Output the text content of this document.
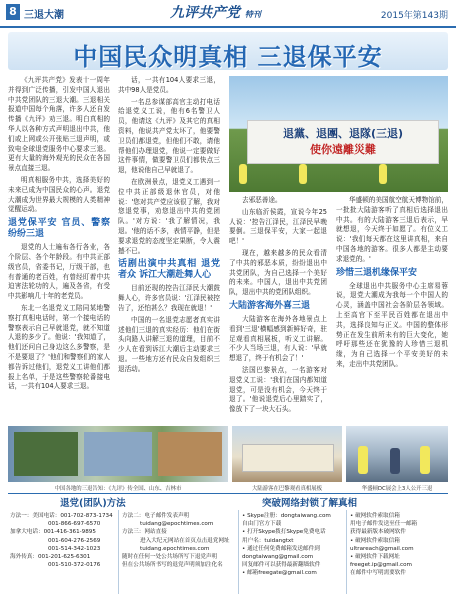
8 三退大潮	九评共产党 特刊	2015年第143期
中国民众明真相 三退保平安

《九评共产党》发表十一周年并得到广泛传播，引发中国人退出中共党团队的三退大潮。三退相关报道中国每个角落，许多人还自发传播《九评》劝三退。明白真相的华人以各种方式声明退出中共，他们或上网或公开张贴三退声明，或致电全球退党服务中心要求三退。更有大量的海外观光的民众在各国景点直接三退。

明真相服务中共，选择美好的未来已成为中国民众的心声。退党大潮成为世界最大规模的人类精神觉醒运动。

退党保平安 官员、警察纷纷三退

退党的人士遍布各行各业，各个阶层、各个年龄段。有中共正部级官员，省委书记，厅级干部，也有普通的老百姓，有曾经盯着中共迫害法轮功的人，遍及各省，有受中共影响几十年的老党员。

东北一名退党义工陪同某地警察打真相电话时，第一个接电话的警察表示自己早就退党，就不知道人退的多少了。他说：'我知道了，他们还问自己身边这么多警察，是不是要退了？'他们和警察们的家人都告诉过他们，退党义工讲他们都报上名单，于是这些警察轮番接电话，一共有104人要求三退。

话，一共有104人要求三退，共中98人是党员。

一名总参谋部高官主动打电话给退党义工说，他有6名警卫人员，他请这《九评》及其它的真相资料，他说共产党太坏了，他要警卫员们都退党，但他们不敢，请他帮他们办理退党，他说一定要做好这件事情，做要警卫员们都快点三退，他说他自己早就退了。

在欧洲景点，退党义工遇到一位中共正部级退休官员，对他说：'您对共产党应该很了解，我对您退党事，劝您退出中共的党团队。'对方说：'我了解情况，我退。'他的话不多，表情平静，但是要求退党的态度坚定果断，令人震撼不已。

话剧出演中共真相 退党者众 诉江大潮赴舞人心

目前还现的控告江泽民大潮鼓舞人心，许多官员说：'江泽民被控告了，还怕甚么？我现在就退！'

中国的一名退党志愿者真实讲述他们三退的真实经历：他们在街头向路人讲解三退的道理，目前不少人在看到诉江大潮后主动要求三退。一些地方还有民众自发组织三退活动。

退黨、退團、退隊(三退)
使你遠離災難

去邪恶善途。

山东临沂侯霞，宣说今年25人说：'控告江泽民，江泽民早晚要倒。三退保平安，大家一起退吧！'

现在，越来越多的民众看清了中共的邪恶本质，纷纷退出中共党团队，为自己选择一个美好的未来。中国人，退出中共党团队，退出中共的党团队组织。

大陆游客海外喜三退

大陆游客在海外各地景点上看到'三退'横幅感到新鲜好奇，驻足观看真相展板，听义工讲解。不少人当场三退，有人说：'早就想退了，终于有机会了！'

法国巴黎景点，一名游客对退党义工说：'我们在国内都知道退党，可是没有机会，今天终于退了。'他说退党后心里踏实了，像放下了一块大石头。

华盛顿的美国航空航天博物馆前，一批批大陆游客听了真相后选择退出中共。有的大陆游客三退后表示，早就想退，今天终于如愿了。有位义工说：'我们每天都在这里讲真相，来自中国各地的游客。很多人都是主动要求退党的。'

珍惜三退机缘保平安

全球退出中共服务中心主席易蓉说，退党大潮成为我每一个中国人的心灵，涵盖中国社会各阶层各领域。上至高官下至平民百姓都在退出中共，选择良知与正义。中国的整体形势正在发生前所未有的巨大变化，她呼吁那些还在犹豫的人珍惜三退机缘，为自己选择一个平安美好的未来，走出中共党团队。

中国各地的三退告知：《九评》传全国、山东、吉林市	大陆游客在巴黎观看真相展板	华盛顿DC展会上3人公开三退
退党(团队)方法	突破网络封锁了解真相
方法一：美国电话：001-702-873-1734
001-866-697-6570
加拿大电话：001-416-361-9895
001-604-276-2569
001-514-342-1023
海外传真：001-201-625-6301
001-510-372-0176
方法二：电子邮件发表声明
tuidang@epochtimes.com
方法三：网站直接
进入大纪元网站在首页点击退党网址
tuidang.epochtimes.com
随时在任何一处公共场所写下退党声明
但在公共场所书写的退党声明须加注化名
• Skype注册：dongtaiwang.com
自由门官方下载
• 打开Skype拨打Skype免费电话
用户名：tuidangtxt
• 通过任何免费邮箱发送邮件到
dongtaiwang@gmail.com
回复邮件可以获得最新翻墙软件
• 邮箱freegate@gmail.com
• 破网软件索取信箱
用电子邮件发送至任一邮箱
获得最新版本破网软件
• 破网软件索取信箱
ultrareach@gmail.com
• 破网软件下载网址
freeget.ip@gmail.com
在邮件中写明需要软件
